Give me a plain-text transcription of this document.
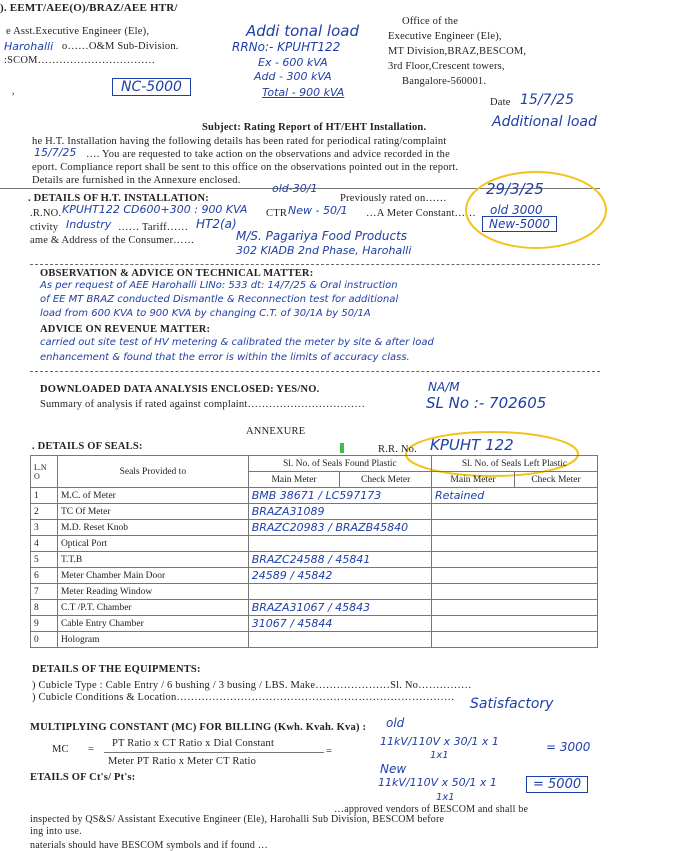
). EEMT/AEE(O)/BRAZ/AEE HTR/
e Asst.Executive Engineer (Ele),
Harohalli o……O&M Sub-Division.
:SCOM……………………………
Office of the
Executive Engineer (Ele),
MT Division,BRAZ,BESCOM,
3rd Floor,Crescent towers,
Bangalore-560001.
Addi tonal load
RRNo:- KPUHT122
Ex - 600 kVA
Add - 300 kVA
Total - 900 kVA
NC-5000
,
Date 15/7/25
Subject: Rating Report of HT/EHT Installation.	Additional load
he H.T. Installation having the following details has been rated for periodical rating/complaint
15/7/25 …. You are requested to take action on the observations and advice recorded in the
eport. Compliance report shall be sent to this office on the observations pointed out in the report.
Details are furnished in the Annexure enclosed.
old-30/1
. DETAILS OF H.T. INSTALLATION:	Previously rated on……
29/3/25
.R.NO. KPUHT122 CD600+300 : 900 KVA CTR New - 50/1 …A Meter Constant…… old 3000
New-5000
ctivity Industry …… Tariff…… HT2(a)
ame & Address of the Consumer……	M/S. Pagariya Food Products
302 KIADB 2nd Phase, Harohalli
OBSERVATION & ADVICE ON TECHNICAL MATTER:
As per request of AEE Harohalli LINo: 533 dt: 14/7/25 & Oral instruction
of EE MT BRAZ conducted Dismantle & Reconnection test for additional
load from 600 KVA to 900 KVA by changing C.T. of 30/1A by 50/1A
ADVICE ON REVENUE MATTER:
carried out site test of HV metering & calibrated the meter by site & after load
enhancement & found that the error is within the limits of accuracy class.
DOWNLOADED DATA ANALYSIS ENCLOSED: YES/NO.
Summary of analysis if rated against complaint……………………………
NA/M
SL No :- 702605
ANNEXURE
R.R. No. KPUHT 122
. DETAILS OF SEALS:
L.N O	Seals Provided to	Sl. No. of Seals Found Plastic		Sl. No. of Seals Left Plastic	
		Main Meter	Check Meter	Main Meter	Check Meter
1	M.C. of Meter	BMB 38671 / LC597173		Retained	
2	TC Of Meter	BRAZA31089			
3	M.D. Reset Knob	BRAZC20983 / BRAZB45840			
4	Optical Port				
5	T.T.B	BRAZC24588 / 45841			
6	Meter Chamber Main Door	24589 / 45842			
7	Meter Reading Window				
8	C.T /P.T. Chamber	BRAZA31067 / 45843			
9	Cable Entry Chamber	31067 / 45844			
0	Hologram				
DETAILS OF THE EQUIPMENTS:
) Cubicle Type : Cable Entry / 6 bushing / 3 busing / LBS. Make…………………Sl. No……………
) Cubicle Conditions & Location…………………………………………………………………… Satisfactory
MULTIPLYING CONSTANT (MC) FOR BILLING (Kwh. Kvah. Kva) :
MC =
PT Ratio x CT Ratio x Dial Constant
Meter PT Ratio x Meter CT Ratio
=
old
11kV/110V x 30/1 x 1
1x1
= 3000
New
11kV/110V x 50/1 x 1
1x1
= 5000
ETAILS OF Ct's/ Pt's:
…approved vendors of BESCOM and shall be
inspected by QS&S/ Assistant Executive Engineer (Ele), Harohalli Sub Division, BESCOM before
ing into use.
naterials should have BESCOM symbols and if found …
